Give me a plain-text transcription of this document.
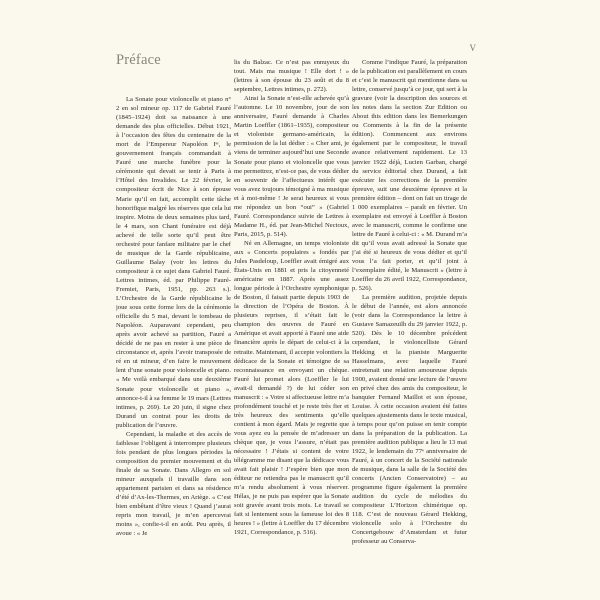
Préface
V

La Sonate pour violoncelle et piano n° 2 en sol mineur op. 117 de Gabriel Fauré (1845–1924) doit sa naissance à une demande des plus officielles. Début 1921, à l’occasion des fêtes du centenaire de la mort de l’Empereur Napoléon Iᵉʳ, le gouvernement français commandait à Fauré une marche funèbre pour la cérémonie qui devait se tenir à Paris à l’Hôtel des Invalides. Le 22 février, le compositeur écrit de Nice à son épouse Marie qu’il en fait, accomplit cette tâche honorifique malgré les réserves que cela lui inspire. Moins de deux semaines plus tard, le 4 mars, son Chant funéraire est déjà achevé de telle sorte qu’il peut être orchestré pour fanfare militaire par le chef de musique de la Garde républicaine, Guillaume Balay (voir les lettres du compositeur à ce sujet dans Gabriel Fauré. Lettres intimes, éd. par Philippe Fauré-Fremiet, Paris, 1951, pp. 263 s.). L’Orchestre de la Garde républicaine le joue sous cette forme lors de la cérémonie officielle du 5 mai, devant le tombeau de Napoléon. Auparavant cependant, peu après avoir achevé sa partition, Fauré a décidé de ne pas en rester à une pièce de circonstance et, après l’avoir transposée de ré en ut mineur, d’en faire le mouvement lent d’une sonate pour violoncelle et piano. « Me voilà embarqué dans une deuxième Sonate pour violoncelle et piano », annonce-t-il à sa femme le 19 mars (Lettres intimes, p. 269). Le 20 juin, il signe chez Durand un contrat pour les droits de publication de l’œuvre.

Cependant, la maladie et des accès de faiblesse l’obligent à interrompre plusieurs fois pendant de plus longues périodes la composition du premier mouvement et du finale de sa Sonate. Dans Allegro en sol mineur auxquels il travaille dans son appartement parisien et dans sa résidence d’été d’Ax-les-Thermes, en Ariège. « C’est bien embêtant d’être vieux ! Quand j’aurai repris mon travail, je m’en apercevrai moins », confie-t-il en août. Peu après, il avoue : « Je

lis du Balzac. Ce n’est pas ennuyeux du tout. Mais ma musique ! Elle dort ! » (lettres à son épouse du 23 août et du 8 septembre, Lettres intimes, p. 272).

Ainsi la Sonate n’est-elle achevée qu’à l’automne. Le 10 novembre, jour de son anniversaire, Fauré demande à Charles Martin Loeffler (1861–1935), compositeur et violoniste germano-américain, la permission de la lui dédier : « Cher ami, je viens de terminer aujourd’hui une Seconde Sonate pour piano et violoncelle que vous me permettrez, n’est-ce pas, de vous dédier en souvenir de l’affectueux intérêt que vous avez toujours témoigné à ma musique et à moi-même ! Je serai heureux si vous me répondez un bon “oui” » (Gabriel Fauré. Correspondance suivie de Lettres à Madame H., éd. par Jean-Michel Nectoux, Paris, 2015, p. 514).

Né en Allemagne, un temps violoniste aux « Concerts populaires » fondés par Jules Pasdeloup, Loeffler avait émigré aux États-Unis en 1881 et pris la citoyenneté américaine en 1887. Après une assez longue période à l’Orchestre symphonique de Boston, il faisait partie depuis 1903 de la direction de l’Opéra de Boston. À plusieurs reprises, il s’était fait le champion des œuvres de Fauré en Amérique et avait apporté à Fauré une aide financière après le départ de celui-ci à la retraite. Maintenant, il accepte volontiers la dédicace de la Sonate et témoigne de sa reconnaissance en envoyant un chèque. Fauré lui promet alors (Loeffler le lui avait-il demandé ?) de lui céder son manuscrit : « Votre si affectueuse lettre m’a profondément touché et je reste très fier et très heureux des sentiments qu’elle contient à mon égard. Mais je regrette que vous ayez eu la pensée de m’adresser un chèque que, je vous l’assure, n’était pas nécessaire ! J’étais si content de votre télégramme me disant que la dédicace vous avait fait plaisir ! J’espère bien que mon éditeur ne retiendra pas le manuscrit qu’il m’a rendu absolument à vous réserver. Hélas, je ne puis pas espérer que la Sonate soit gravée avant trois mois. Le travail se fait si lentement sous la fameuse loi des 8 heures ! » (lettre à Loeffler du 17 décembre 1921, Correspondance, p. 516).

Comme l’indique Fauré, la préparation de la publication est parallèlement en cours et c’est le manuscrit qui mentionne dans sa lettre, conservé jusqu’à ce jour, qui sert à la gravure (voir la description des sources et les notes dans la section Zur Edition ou About this edition dans les Bemerkungen ou Comments à la fin de la présente édition). Commencent aux environs également par le compositeur, le travail avance relativement rapidement. Le 13 janvier 1922 déjà, Lucien Garban, chargé du service éditorial chez Durand, a fait exécuter les corrections de la première épreuve, suit une deuxième épreuve et la première édition – dont on fait un tirage de 1 000 exemplaires – paraît en février. Un exemplaire est envoyé à Loeffler à Boston avec le manuscrit, comme le confirme une lettre de Fauré à celui-ci : « M. Durand m’a dit qu’il vous avait adressé la Sonate que j’ai été si heureux de vous dédier et qu’il vous l’a fait porter, et qu’il joint à l’exemplaire édité, le Manuscrit » (lettre à Loeffler du 26 avril 1922, Correspondance, p. 526).

La première audition, projetée depuis le début de l’année, est alors annoncée (voir dans la Correspondance la lettre à Gustave Samazeuilh du 29 janvier 1922, p. 520). Dès le 10 décembre précédent cependant, le violoncelliste Gérard Hekking et la pianiste Marguerite Hasselmans, avec laquelle Fauré entretenait une relation amoureuse depuis 1900, avaient donné une lecture de l’œuvre en privé chez des amis du compositeur, le banquier Fernand Maillot et son épouse, Louise. À cette occasion avaient été faites quelques ajustements dans le texte musical, à temps pour qu’on puisse en tenir compte dans la préparation de la publication. La première audition publique a lieu le 13 mai 1922, le lendemain du 77ᵉ anniversaire de Fauré, à un concert de la Société nationale de musique, dans la salle de la Société des concerts (Ancien Conservatoire) – au programme figure également la première audition du cycle de mélodies du compositeur L’Horizon chimérique op. 118. C’est de nouveau Gérard Hekking, violoncelle solo à l’Orchestre du Concertgebouw d’Amsterdam et futur professeur au Conserva-
